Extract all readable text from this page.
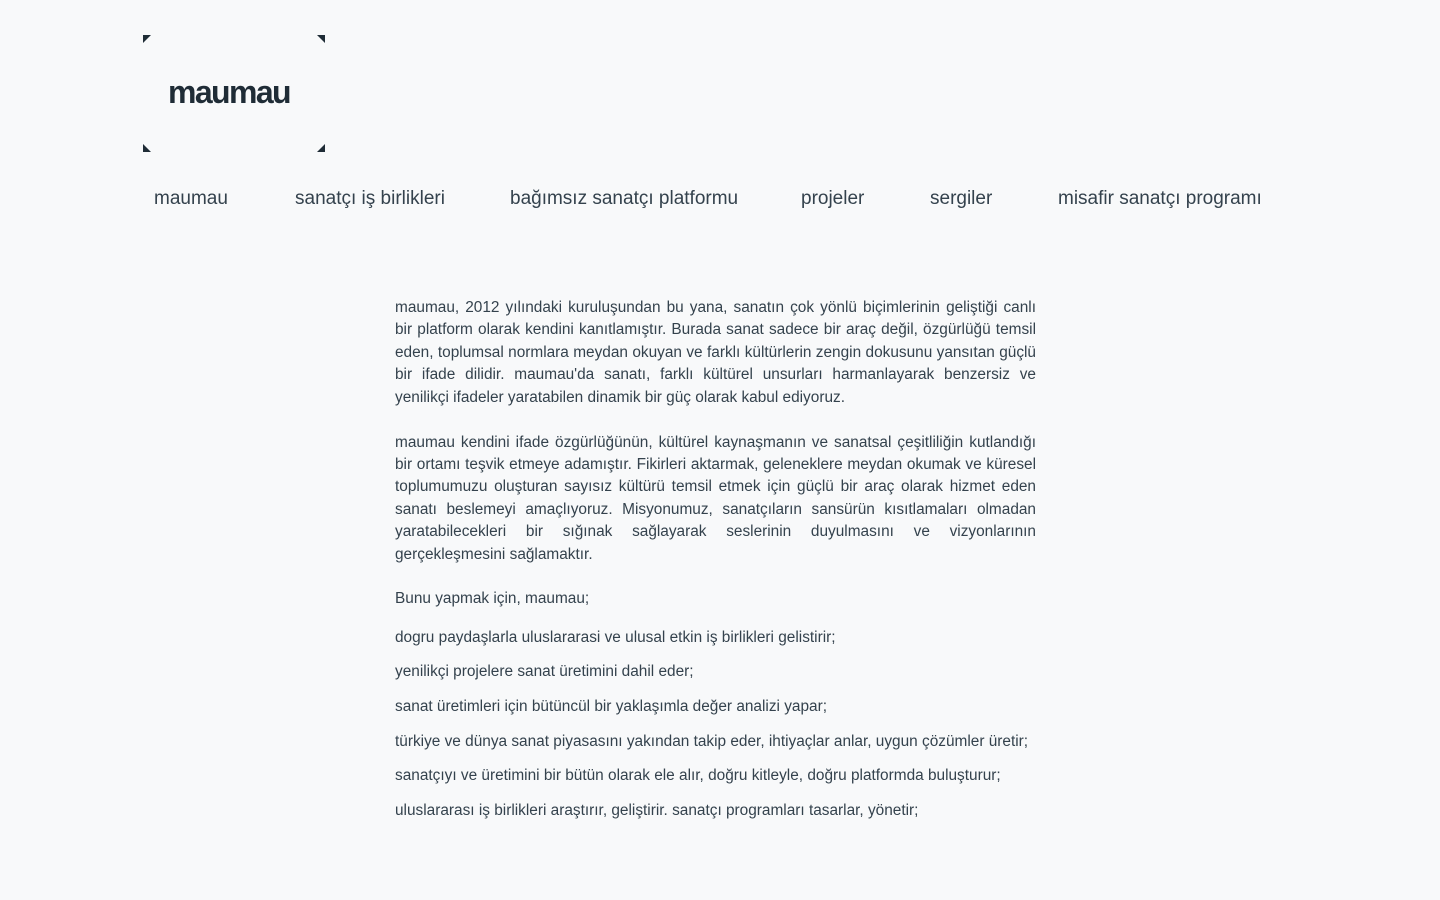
maumau
maumau	sanatçı iş birlikleri	bağımsız sanatçı platformu	projeler	sergiler	misafir sanatçı programı

maumau, 2012 yılındaki kuruluşundan bu yana, sanatın çok yönlü biçimlerinin geliştiği canlı bir platform olarak kendini kanıtlamıştır. Burada sanat sadece bir araç değil, özgürlüğü temsil eden, toplumsal normlara meydan okuyan ve farklı kültürlerin zengin dokusunu yansıtan güçlü bir ifade dilidir. maumau'da sanatı, farklı kültürel unsurları harmanlayarak benzersiz ve yenilikçi ifadeler yaratabilen dinamik bir güç olarak kabul ediyoruz.

maumau kendini ifade özgürlüğünün, kültürel kaynaşmanın ve sanatsal çeşitliliğin kutlandığı bir ortamı teşvik etmeye adamıştır. Fikirleri aktarmak, geleneklere meydan okumak ve küresel toplumumuzu oluşturan sayısız kültürü temsil etmek için güçlü bir araç olarak hizmet eden sanatı beslemeyi amaçlıyoruz. Misyonumuz, sanatçıların sansürün kısıtlamaları olmadan yaratabilecekleri bir sığınak sağlayarak seslerinin duyulmasını ve vizyonlarının gerçekleşmesini sağlamaktır.

Bunu yapmak için, maumau;

dogru paydaşlarla uluslararasi ve ulusal etkin iş birlikleri gelistirir;

yenilikçi projelere sanat üretimini dahil eder;

sanat üretimleri için bütüncül bir yaklaşımla değer analizi yapar;

türkiye ve dünya sanat piyasasını yakından takip eder, ihtiyaçlar anlar, uygun çözümler üretir;

sanatçıyı ve üretimini bir bütün olarak ele alır, doğru kitleyle, doğru platformda buluşturur;

uluslararası iş birlikleri araştırır, geliştirir. sanatçı programları tasarlar, yönetir;
